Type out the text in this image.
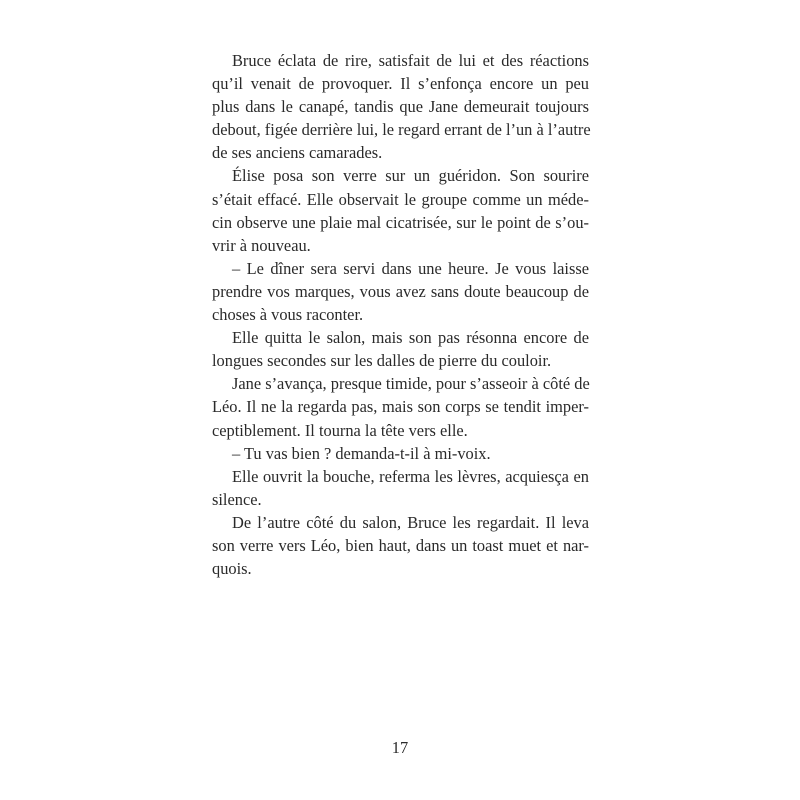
Bruce éclata de rire, satisfait de lui et des réactions
qu’il venait de provoquer. Il s’enfonça encore un peu
plus dans le canapé, tandis que Jane demeurait toujours
debout, figée derrière lui, le regard errant de l’un à l’autre
de ses anciens camarades.
Élise posa son verre sur un guéridon. Son sourire
s’était effacé. Elle observait le groupe comme un méde-
cin observe une plaie mal cicatrisée, sur le point de s’ou-
vrir à nouveau.
– Le dîner sera servi dans une heure. Je vous laisse
prendre vos marques, vous avez sans doute beaucoup de
choses à vous raconter.
Elle quitta le salon, mais son pas résonna encore de
longues secondes sur les dalles de pierre du couloir.
Jane s’avança, presque timide, pour s’asseoir à côté de
Léo. Il ne la regarda pas, mais son corps se tendit imper-
ceptiblement. Il tourna la tête vers elle.
– Tu vas bien ? demanda-t-il à mi-voix.
Elle ouvrit la bouche, referma les lèvres, acquiesça en
silence.
De l’autre côté du salon, Bruce les regardait. Il leva
son verre vers Léo, bien haut, dans un toast muet et nar-
quois.
17
